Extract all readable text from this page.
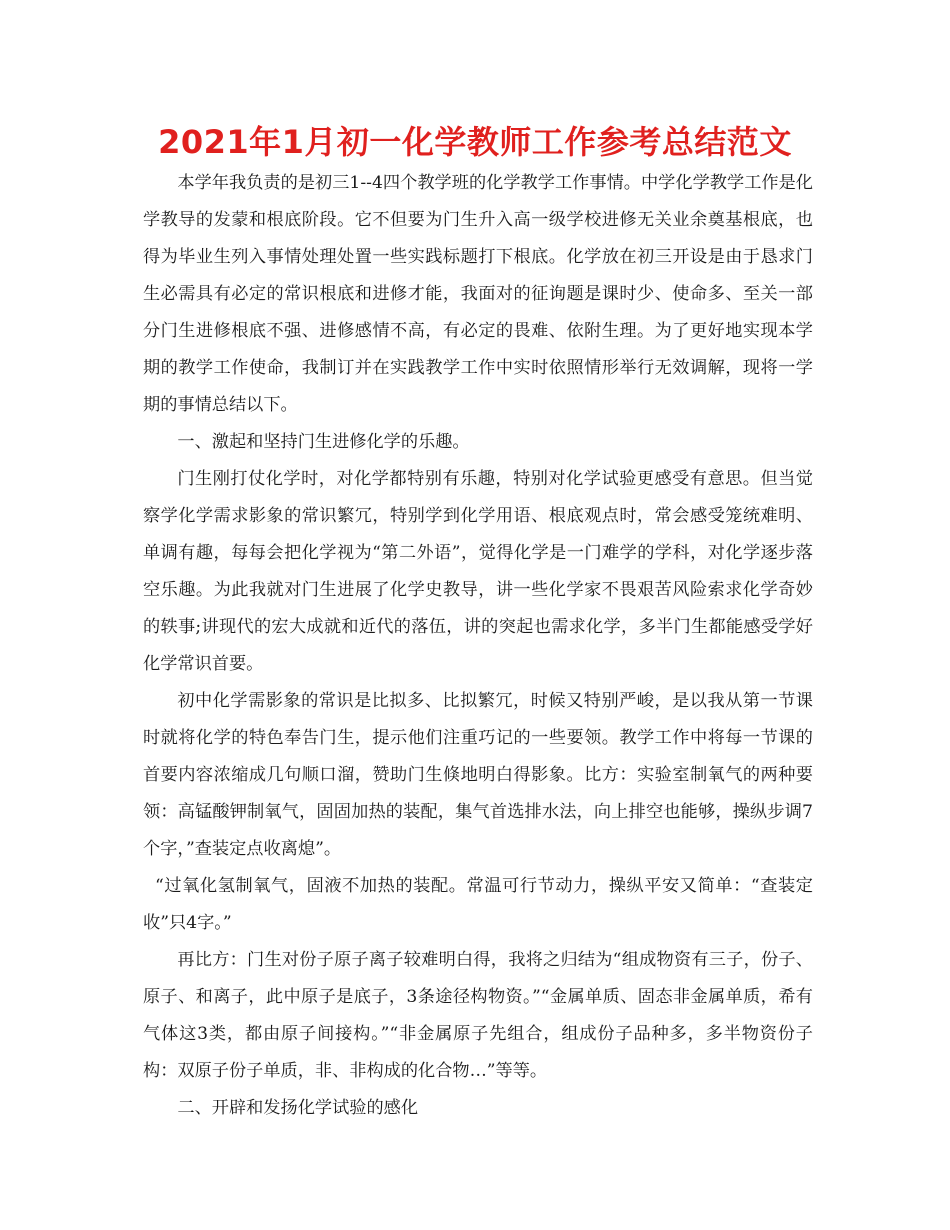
2021年1月初一化学教师工作参考总结范文

本学年我负责的是初三1--4四个教学班的化学教学工作事情。中学化学教学工作是化学教导的发蒙和根底阶段。它不但要为门生升入高一级学校进修无关业余奠基根底，也得为毕业生列入事情处理处置一些实践标题打下根底。化学放在初三开设是由于恳求门生必需具有必定的常识根底和进修才能，我面对的征询题是课时少、使命多、至关一部分门生进修根底不强、进修感情不高，有必定的畏难、依附生理。为了更好地实现本学期的教学工作使命，我制订并在实践教学工作中实时依照情形举行无效调解，现将一学期的事情总结以下。

一、激起和坚持门生进修化学的乐趣。

门生刚打仗化学时，对化学都特别有乐趣，特别对化学试验更感受有意思。但当觉察学化学需求影象的常识繁冗，特别学到化学用语、根底观点时，常会感受笼统难明、单调有趣，每每会把化学视为“第二外语”，觉得化学是一门难学的学科，对化学逐步落空乐趣。为此我就对门生进展了化学史教导，讲一些化学家不畏艰苦风险索求化学奇妙的轶事;讲现代的宏大成就和近代的落伍，讲的突起也需求化学，多半门生都能感受学好化学常识首要。

初中化学需影象的常识是比拟多、比拟繁冗，时候又特别严峻，是以我从第一节课时就将化学的特色奉告门生，提示他们注重巧记的一些要领。教学工作中将每一节课的首要内容浓缩成几句顺口溜，赞助门生倏地明白得影象。比方：实验室制氧气的两种要领：高锰酸钾制氧气，固固加热的装配，集气首选排水法，向上排空也能够，操纵步调7个字，”查装定点收离熄”。

“过氧化氢制氧气，固液不加热的装配。常温可行节动力，操纵平安又简单：“查装定收”只4字。”

再比方：门生对份子原子离子较难明白得，我将之归结为“组成物资有三子，份子、原子、和离子，此中原子是底子，3条途径构物资。”“金属单质、固态非金属单质，希有气体这3类，都由原子间接构。”“非金属原子先组合，组成份子品种多，多半物资份子构：双原子份子单质，非、非构成的化合物…”等等。

二、开辟和发扬化学试验的感化
